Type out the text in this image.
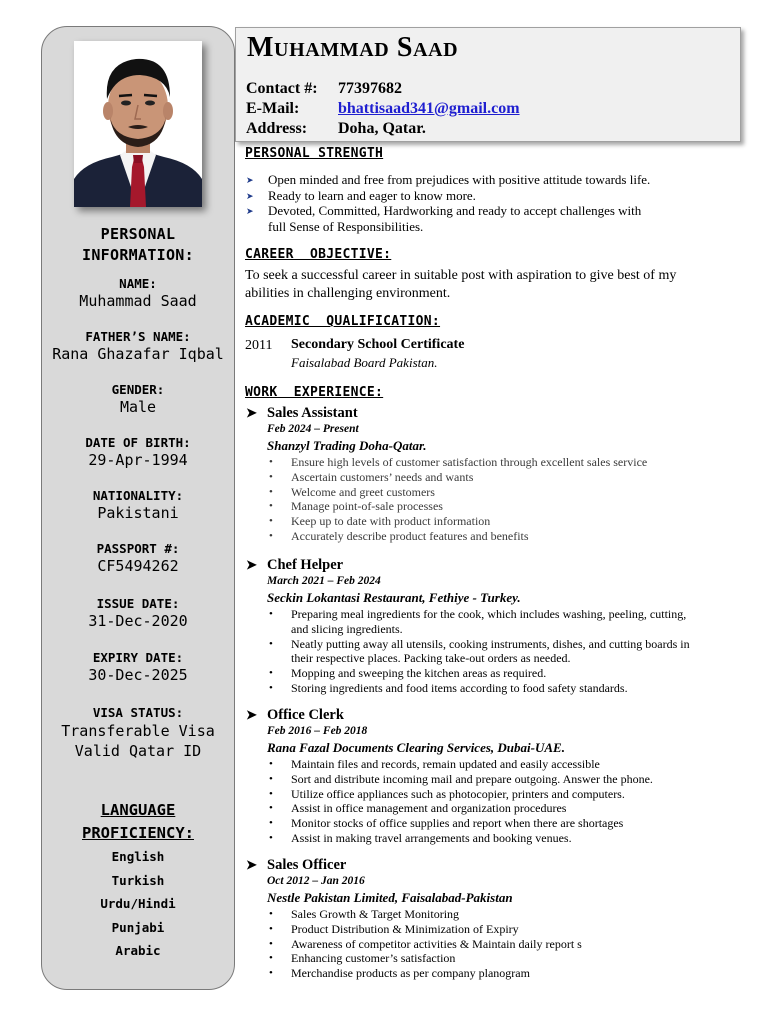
PERSONAL
INFORMATION:
NAME:
Muhammad Saad
FATHER’S NAME:
Rana Ghazafar Iqbal
GENDER:
Male
DATE OF BIRTH:
29-Apr-1994
NATIONALITY:
Pakistani
PASSPORT #:
CF5494262
ISSUE DATE:
31-Dec-2020
EXPIRY DATE:
30-Dec-2025
VISA STATUS:
Transferable Visa
Valid Qatar ID
LANGUAGE
PROFICIENCY:
English
Turkish
Urdu/Hindi
Punjabi
Arabic
Muhammad Saad
Contact #: 77397682
E-Mail: bhattisaad341@gmail.com
Address: Doha, Qatar.
PERSONAL STRENGTH
➤ Open minded and free from prejudices with positive attitude towards life.
➤ Ready to learn and eager to know more.
➤ Devoted, Committed, Hardworking and ready to accept challenges with
full Sense of Responsibilities.
CAREER  OBJECTIVE:
To seek a successful career in suitable post with aspiration to give best of my
abilities in challenging environment.
ACADEMIC  QUALIFICATION:
2011 Secondary School Certificate
Faisalabad Board Pakistan.
WORK  EXPERIENCE:
➤ Sales Assistant
Feb 2024 – Present
Shanzyl Trading Doha-Qatar.
• Ensure high levels of customer satisfaction through excellent sales service
• Ascertain customers’ needs and wants
• Welcome and greet customers
• Manage point-of-sale processes
• Keep up to date with product information
• Accurately describe product features and benefits
➤ Chef Helper
March 2021 – Feb 2024
Seckin Lokantasi Restaurant, Fethiye - Turkey.
• Preparing meal ingredients for the cook, which includes washing, peeling, cutting,
and slicing ingredients.
• Neatly putting away all utensils, cooking instruments, dishes, and cutting boards in
their respective places. Packing take-out orders as needed.
• Mopping and sweeping the kitchen areas as required.
• Storing ingredients and food items according to food safety standards.
➤ Office Clerk
Feb 2016 – Feb 2018
Rana Fazal Documents Clearing Services, Dubai-UAE.
• Maintain files and records, remain updated and easily accessible
• Sort and distribute incoming mail and prepare outgoing. Answer the phone.
• Utilize office appliances such as photocopier, printers and computers.
• Assist in office management and organization procedures
• Monitor stocks of office supplies and report when there are shortages
• Assist in making travel arrangements and booking venues.
➤ Sales Officer
Oct 2012 – Jan 2016
Nestle Pakistan Limited, Faisalabad-Pakistan
• Sales Growth & Target Monitoring
• Product Distribution & Minimization of Expiry
• Awareness of competitor activities & Maintain daily report s
• Enhancing customer’s satisfaction
• Merchandise products as per company planogram
